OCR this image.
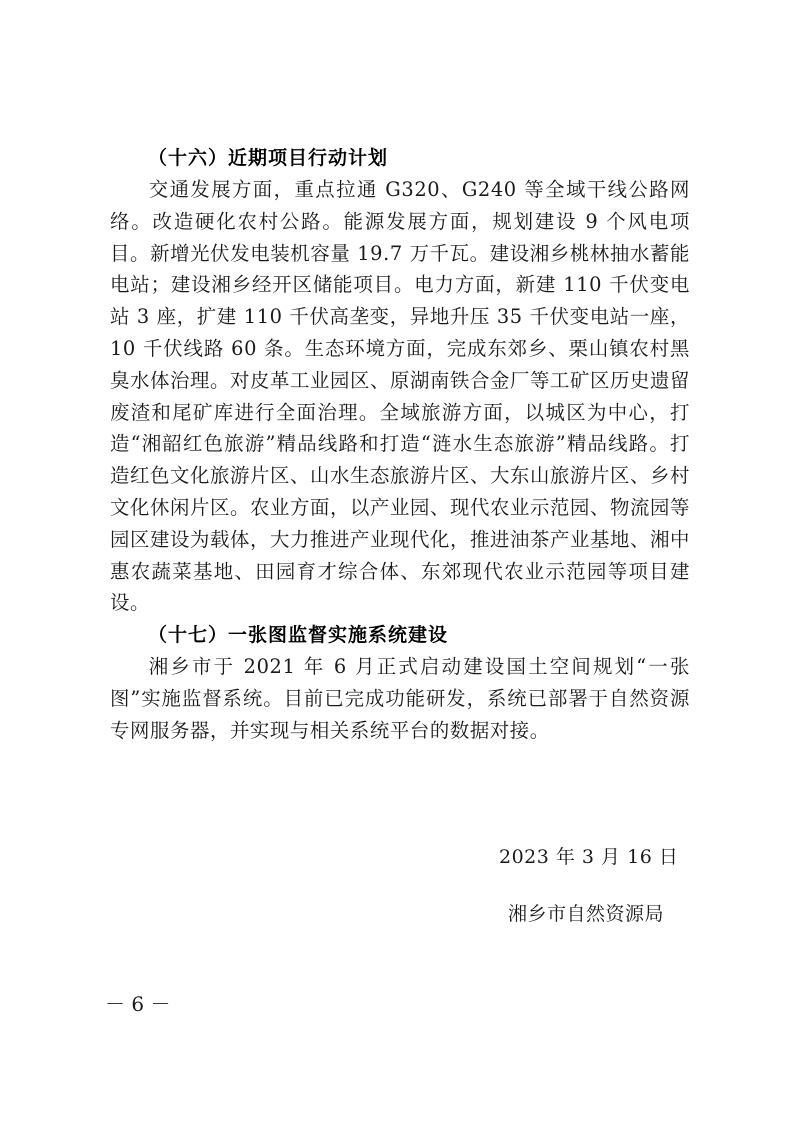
（十六）近期项目行动计划

交通发展方面，重点拉通 G320、G240 等全域干线公路网络。改造硬化农村公路。能源发展方面，规划建设 9 个风电项目。新增光伏发电装机容量 19.7 万千瓦。建设湘乡桃林抽水蓄能电站；建设湘乡经开区储能项目。电力方面，新建 110 千伏变电站 3 座，扩建 110 千伏高垄变，异地升压 35 千伏变电站一座，10 千伏线路 60 条。生态环境方面，完成东郊乡、栗山镇农村黑臭水体治理。对皮革工业园区、原湖南铁合金厂等工矿区历史遗留废渣和尾矿库进行全面治理。全域旅游方面，以城区为中心，打造“湘韶红色旅游”精品线路和打造“涟水生态旅游”精品线路。打造红色文化旅游片区、山水生态旅游片区、大东山旅游片区、乡村文化休闲片区。农业方面，以产业园、现代农业示范园、物流园等园区建设为载体，大力推进产业现代化，推进油茶产业基地、湘中惠农蔬菜基地、田园育才综合体、东郊现代农业示范园等项目建设。

（十七）一张图监督实施系统建设

湘乡市于 2021 年 6 月正式启动建设国土空间规划“一张图”实施监督系统。目前已完成功能研发，系统已部署于自然资源专网服务器，并实现与相关系统平台的数据对接。

2023 年 3 月 16 日
湘乡市自然资源局
－ 6 －
